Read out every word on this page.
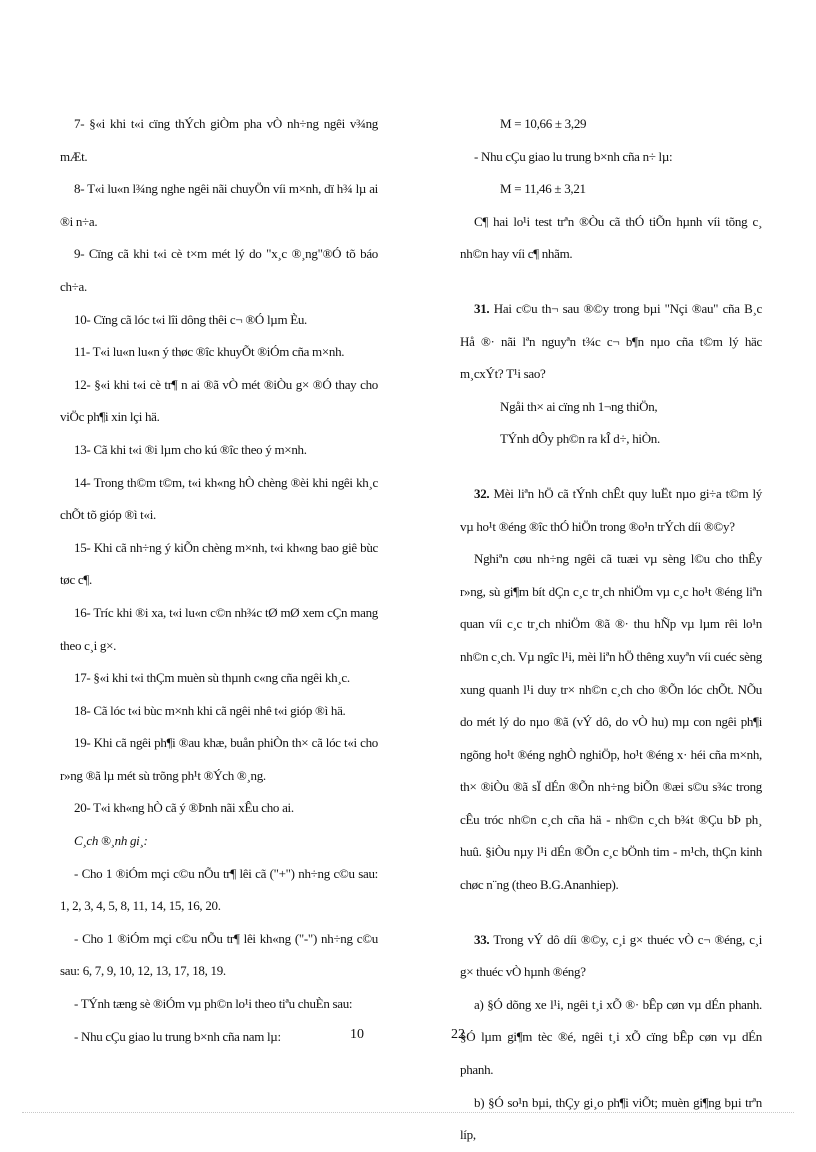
7- §«i khi t«i cïng thÝch giÒm pha vÒ nh÷ng ngêi v¾ng mÆt.

8- T«i lu«n l¾ng nghe ngêi nãi chuyÖn víi m×nh, dï h¾ lµ ai ®i n÷a.

9- Cïng cã khi t«i cè t×m mét lý do "x¸c ®¸ng"®Ó tõ báo ch÷a.

10- Cïng cã lóc t«i lîi dông thêi c¬ ®Ó lµm Èu.

11- T«i lu«n lu«n ý thøc ®îc khuyÕt ®iÓm cña m×nh.

12- §«i khi t«i cè tr¶ n ai ®ã vÒ mét ®iÒu g× ®Ó thay cho viÖc ph¶i xin lçi hä.

13- Cã khi t«i ®i lµm cho kú ®îc theo ý m×nh.

14- Trong th©m t©m, t«i kh«ng hÒ chèng ®èi khi ngêi kh¸c chÕt tõ gióp ®ì t«i.

15- Khi cã nh÷ng ý kiÕn chèng m×nh, t«i kh«ng bao giê bùc tøc c¶.

16- Tríc khi ®i xa, t«i lu«n c©n nh¾c tØ mØ xem cÇn mang theo c¸i g×.

17- §«i khi t«i thÇm muèn sù thµnh c«ng cña ngêi kh¸c.

18- Cã lóc t«i bùc m×nh khi cã ngêi nhê t«i gióp ®ì hä.

19- Khi cã ngêi ph¶i ®au khæ, buån phiÒn th× cã lóc t«i cho r»ng ®ã lµ mét sù trõng ph¹t ®Ých ®¸ng.

20- T«i kh«ng hÒ cã ý ®Þnh nãi xÊu cho ai.

C¸ch ®¸nh gi¸:

- Cho 1 ®iÓm mçi c©u nÕu tr¶ lêi cã ("+") nh÷ng c©u sau: 1, 2, 3, 4, 5, 8, 11, 14, 15, 16, 20.

- Cho 1 ®iÓm mçi c©u nÕu tr¶ lêi kh«ng ("-") nh÷ng c©u sau: 6, 7, 9, 10, 12, 13, 17, 18, 19.

- TÝnh tæng sè ®iÓm vµ ph©n lo¹i theo tiªu chuÈn sau:

- Nhu cÇu giao lu trung b×nh cña nam lµ:

M = 10,66 ± 3,29

- Nhu cÇu giao lu trung b×nh cña n÷ lµ:

M = 11,46 ± 3,21

C¶ hai lo¹i test trªn ®Òu cã thÓ tiÕn hµnh víi tõng c¸ nh©n hay víi c¶ nhãm.

31. Hai c©u th¬ sau ®©y trong bµi "Nçi ®au" cña B¸c Hå ®· nãi lªn nguyªn t¾c c¬ b¶n nµo cña t©m lý häc m¸cxÝt? T¹i sao?

Ngåi th× ai cïng nh 1¬ng thiÖn,

TÝnh dÔy ph©n ra kÎ d÷, hiÒn.

32. Mèi liªn hÖ cã tÝnh chÊt quy luËt nµo gi÷a t©m lý vµ ho¹t ®éng ®îc thÓ hiÖn trong ®o¹n trÝch díi ®©y?

Nghiªn cøu nh÷ng ngêi cã tuæi vµ sèng l©u cho thÊy r»ng, sù gi¶m bít dÇn c¸c tr¸ch nhiÖm vµ c¸c ho¹t ®éng liªn quan víi c¸c tr¸ch nhiÖm ®ã ®· thu hÑp vµ lµm rêi lo¹n nh©n c¸ch. Vµ ngîc l¹i, mèi liªn hÖ thêng xuyªn víi cuéc sèng xung quanh l¹i duy tr× nh©n c¸ch cho ®Õn lóc chÕt. NÕu do mét lý do nµo ®ã (vÝ dô, do vÒ hu) mµ con ngêi ph¶i ngõng ho¹t ®éng nghÒ nghiÖp, ho¹t ®éng x· héi cña m×nh, th× ®iÒu ®ã sÏ dÉn ®Õn nh÷ng biÕn ®æi s©u s¾c trong cÊu tróc nh©n c¸ch cña hä - nh©n c¸ch b¾t ®Çu bÞ ph¸ huû. §iÒu nµy l¹i dÉn ®Õn c¸c bÖnh tim - m¹ch, thÇn kinh chøc n¨ng (theo B.G.Ananhiep).

33. Trong vÝ dô díi ®©y, c¸i g× thuéc vÒ c¬ ®éng, c¸i g× thuéc vÒ hµnh ®éng?

a) §Ó dõng xe l¹i, ngêi t¸i xÕ ®· bÊp cøn vµ dÉn phanh. §Ó lµm gi¶m tèc ®é, ngêi t¸i xÕ cïng bÊp cøn vµ dÉn phanh.

b) §Ó so¹n bµi, thÇy gi¸o ph¶i viÕt; muèn gi¶ng bµi trªn líp,

10	22
